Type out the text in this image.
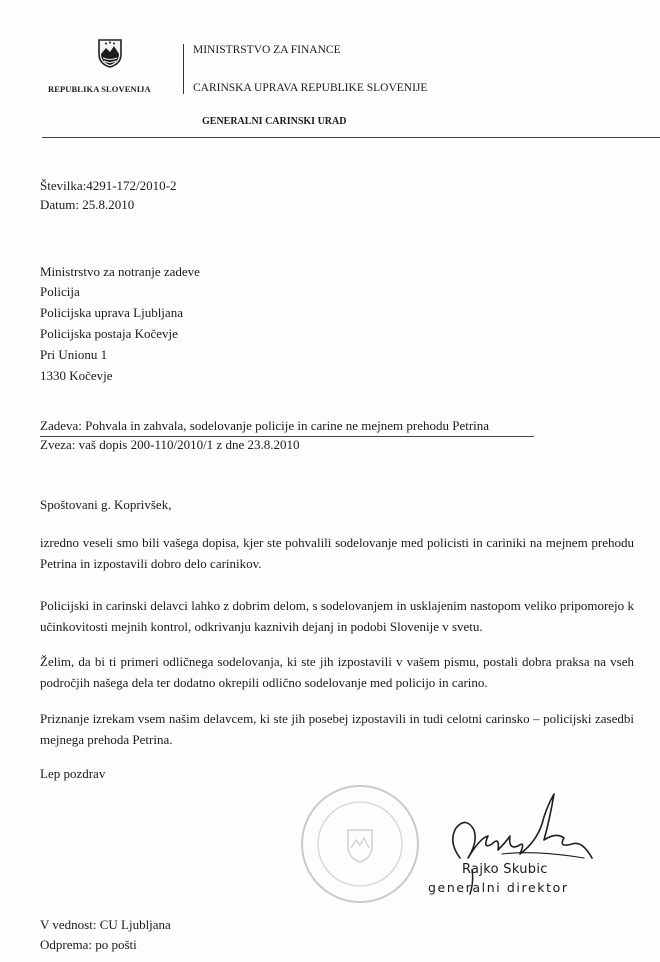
REPUBLIKA SLOVENIJA
MINISTRSTVO ZA FINANCE
CARINSKA UPRAVA REPUBLIKE SLOVENIJE
GENERALNI CARINSKI URAD
Številka:4291-172/2010-2
Datum: 25.8.2010
Ministrstvo za notranje zadeve
Policija
Policijska uprava Ljubljana
Policijska postaja Kočevje
Pri Unionu 1
1330 Kočevje
Zadeva: Pohvala in zahvala, sodelovanje policije in carine ne mejnem prehodu Petrina
Zveza: vaš dopis 200-110/2010/1 z dne 23.8.2010
Spoštovani g. Koprivšek,
izredno veseli smo bili vašega dopisa, kjer ste pohvalili sodelovanje med policisti in cariniki na mejnem prehodu Petrina in izpostavili dobro delo carinikov.
Policijski in carinski delavci lahko z dobrim delom, s sodelovanjem in usklajenim nastopom veliko pripomorejo k učinkovitosti mejnih kontrol, odkrivanju kaznivih dejanj in podobi Slovenije v svetu.
Želim, da bi ti primeri odličnega sodelovanja, ki ste jih izpostavili v vašem pismu, postali dobra praksa na vseh področjih našega dela ter dodatno okrepili odlično sodelovanje med policijo in carino.
Priznanje izrekam vsem našim delavcem, ki ste jih posebej izpostavili in tudi celotni carinsko – policijski zasedbi mejnega prehoda Petrina.
Lep pozdrav
Rajko Skubic
generalni direktor
V vednost: CU Ljubljana
Odprema: po pošti
